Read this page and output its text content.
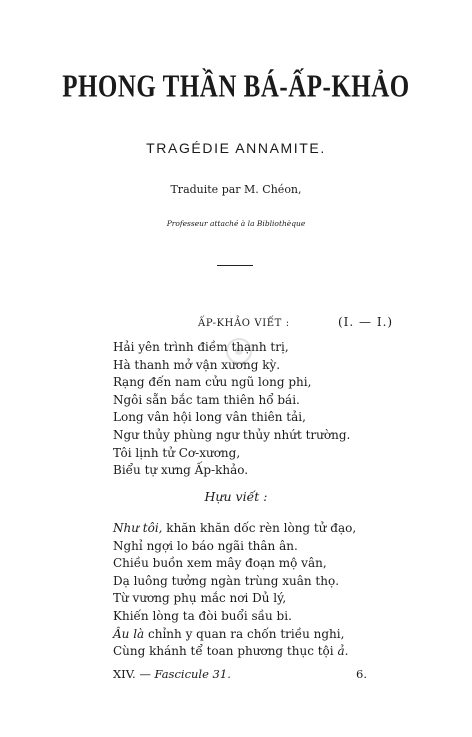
PHONG THẦN BÁ-ẤP-KHẢO
TRAGÉDIE ANNAMITE.
Traduite par M. Chéon,
Professeur attaché à la Bibliothèque
ẤP-KHẢO VIẾT :	(I. — I.)
Hải yên trình điềm thạnh trị,
Hà thanh mở vận xương kỳ.
Rạng đến nam cửu ngũ long phi,
Ngôi sẵn bắc tam thiên hổ bái.
Long vân hội long vân thiên tải,
Ngư thủy phùng ngư thủy nhứt trường.
Tôi lịnh tử Cơ-xương,
Biểu tự xưng Ấp-khảo.
Hựu viết :
Như tôi, khăn khăn dốc rèn lòng tử đạo,
Nghỉ ngợi lo báo ngãi thân ân.
Chiều buồn xem mây đoạn mộ vân,
Dạ luông tưởng ngàn trùng xuân thọ.
Từ vương phụ mắc nơi Dủ lý,
Khiến lòng ta đòi buổi sầu bi.
Âu là chỉnh y quan ra chốn triều nghi,
Cùng khánh tể toan phương thục tội ả.
XIV. — Fascicule 31.	6.
